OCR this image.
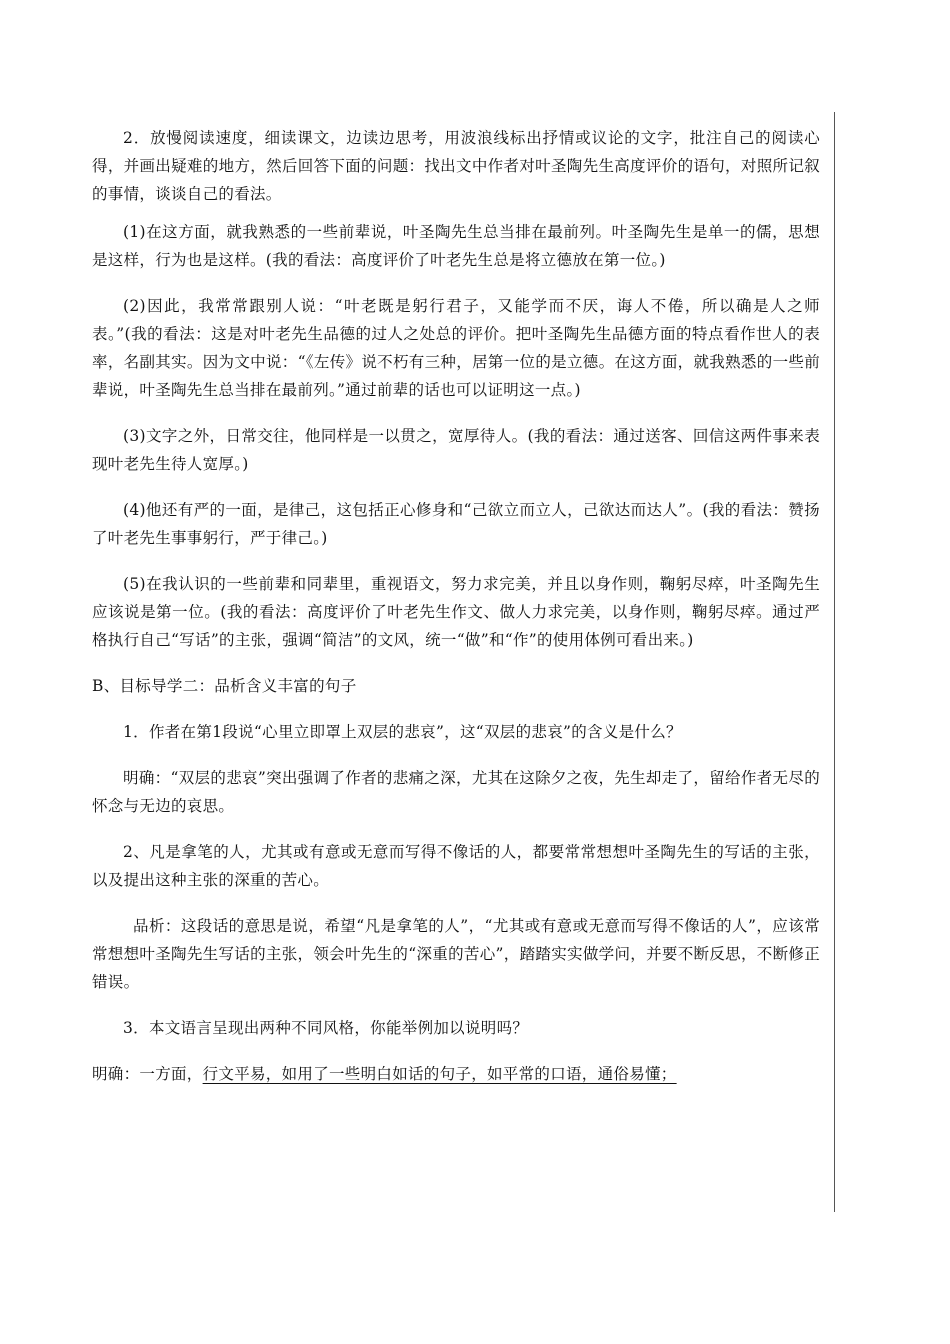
2．放慢阅读速度，细读课文，边读边思考，用波浪线标出抒情或议论的文字，批注自己的阅读心得，并画出疑难的地方，然后回答下面的问题：找出文中作者对叶圣陶先生高度评价的语句，对照所记叙的事情，谈谈自己的看法。

(1)在这方面，就我熟悉的一些前辈说，叶圣陶先生总当排在最前列。叶圣陶先生是单一的儒，思想是这样，行为也是这样。(我的看法：高度评价了叶老先生总是将立德放在第一位。)

(2)因此，我常常跟别人说：“叶老既是躬行君子，又能学而不厌，诲人不倦，所以确是人之师表。”(我的看法：这是对叶老先生品德的过人之处总的评价。把叶圣陶先生品德方面的特点看作世人的表率，名副其实。因为文中说：“《左传》说不朽有三种，居第一位的是立德。在这方面，就我熟悉的一些前辈说，叶圣陶先生总当排在最前列。”通过前辈的话也可以证明这一点。)

(3)文字之外，日常交往，他同样是一以贯之，宽厚待人。(我的看法：通过送客、回信这两件事来表现叶老先生待人宽厚。)

(4)他还有严的一面，是律己，这包括正心修身和“己欲立而立人，己欲达而达人”。(我的看法：赞扬了叶老先生事事躬行，严于律己。)

(5)在我认识的一些前辈和同辈里，重视语文，努力求完美，并且以身作则，鞠躬尽瘁，叶圣陶先生应该说是第一位。(我的看法：高度评价了叶老先生作文、做人力求完美，以身作则，鞠躬尽瘁。通过严格执行自己“写话”的主张，强调“简洁”的文风，统一“做”和“作”的使用体例可看出来。)

B、目标导学二：品析含义丰富的句子

1．作者在第1段说“心里立即罩上双层的悲哀”，这“双层的悲哀”的含义是什么？

明确：“双层的悲哀”突出强调了作者的悲痛之深，尤其在这除夕之夜，先生却走了，留给作者无尽的怀念与无边的哀思。

2、凡是拿笔的人，尤其或有意或无意而写得不像话的人，都要常常想想叶圣陶先生的写话的主张，以及提出这种主张的深重的苦心。

品析：这段话的意思是说，希望“凡是拿笔的人”，“尤其或有意或无意而写得不像话的人”，应该常常想想叶圣陶先生写话的主张，领会叶先生的“深重的苦心”，踏踏实实做学问，并要不断反思，不断修正错误。

3．本文语言呈现出两种不同风格，你能举例加以说明吗？

明确：一方面，行文平易，如用了一些明白如话的句子，如平常的口语，通俗易懂；
